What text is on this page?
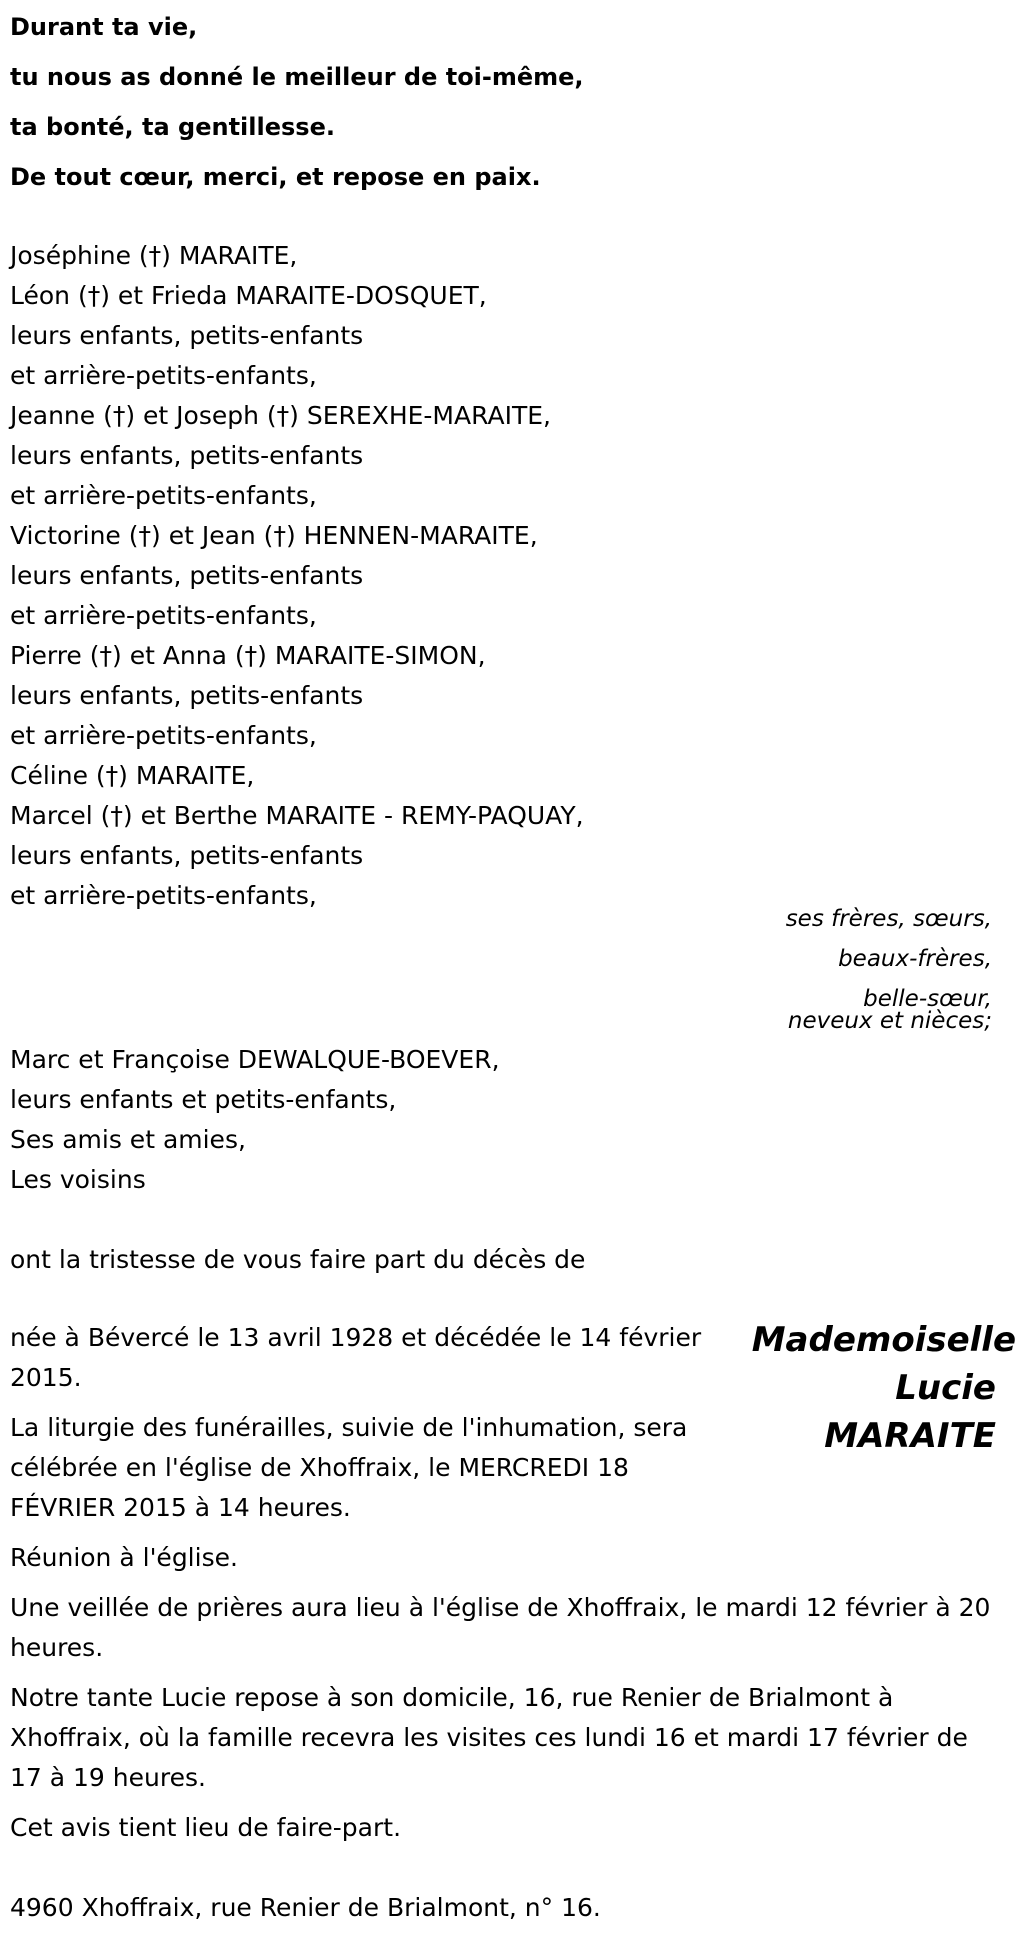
Durant ta vie,
tu nous as donné le meilleur de toi-même,
ta bonté, ta gentillesse.
De tout cœur, merci, et repose en paix.
Joséphine (†) MARAITE,
Léon (†) et Frieda MARAITE-DOSQUET,
leurs enfants, petits-enfants
et arrière-petits-enfants,
Jeanne (†) et Joseph (†) SEREXHE-MARAITE,
leurs enfants, petits-enfants
et arrière-petits-enfants,
Victorine (†) et Jean (†) HENNEN-MARAITE,
leurs enfants, petits-enfants
et arrière-petits-enfants,
Pierre (†) et Anna (†) MARAITE-SIMON,
leurs enfants, petits-enfants
et arrière-petits-enfants,
Céline (†) MARAITE,
Marcel (†) et Berthe MARAITE - REMY-PAQUAY,
leurs enfants, petits-enfants
et arrière-petits-enfants,
ses frères, sœurs,
beaux-frères,
belle-sœur,
neveux et nièces;
Marc et Françoise DEWALQUE-BOEVER,
leurs enfants et petits-enfants,
Ses amis et amies,
Les voisins
ont la tristesse de vous faire part du décès de
Mademoiselle
Lucie
MARAITE
née à Bévercé le 13 avril 1928 et décédée le 14 février 2015.
La liturgie des funérailles, suivie de l'inhumation, sera célébrée en l'église de Xhoffraix, le MERCREDI 18 FÉVRIER 2015 à 14 heures.
Réunion à l'église.
Une veillée de prières aura lieu à l'église de Xhoffraix, le mardi 12 février à 20 heures.
Notre tante Lucie repose à son domicile, 16, rue Renier de Brialmont à Xhoffraix, où la famille recevra les visites ces lundi 16 et mardi 17 février de 17 à 19 heures.
Cet avis tient lieu de faire-part.
4960 Xhoffraix, rue Renier de Brialmont, n° 16.
